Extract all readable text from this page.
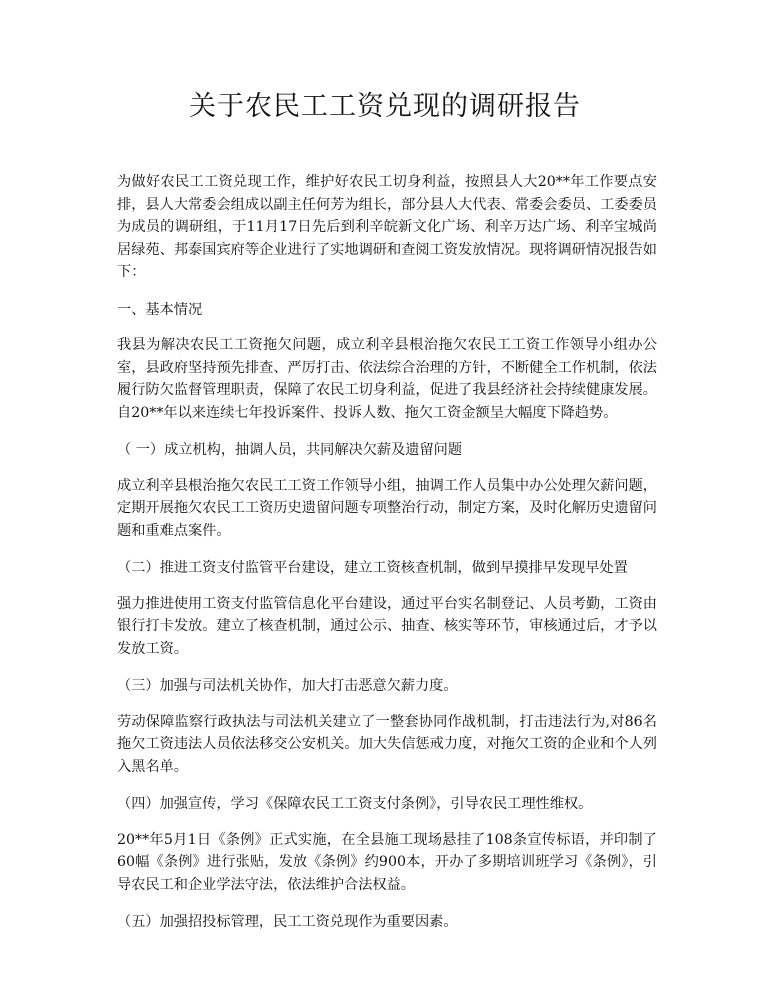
关于农民工工资兑现的调研报告

为做好农民工工资兑现工作，维护好农民工切身利益，按照县人大20**年工作要点安排，县人大常委会组成以副主任何芳为组长，部分县人大代表、常委会委员、工委委员为成员的调研组，于11月17日先后到利辛皖新文化广场、利辛万达广场、利辛宝城尚居绿苑、邦泰国宾府等企业进行了实地调研和查阅工资发放情况。现将调研情况报告如下：

一、基本情况

我县为解决农民工工资拖欠问题，成立利辛县根治拖欠农民工工资工作领导小组办公室，县政府坚持预先排查、严厉打击、依法综合治理的方针，不断健全工作机制，依法履行防欠监督管理职责，保障了农民工切身利益，促进了我县经济社会持续健康发展。自20**年以来连续七年投诉案件、投诉人数、拖欠工资金额呈大幅度下降趋势。

（ 一）成立机构，抽调人员，共同解决欠薪及遗留问题

成立利辛县根治拖欠农民工工资工作领导小组，抽调工作人员集中办公处理欠薪问题，定期开展拖欠农民工工资历史遗留问题专项整治行动，制定方案，及时化解历史遗留问题和重难点案件。

（二）推进工资支付监管平台建设，建立工资核查机制，做到早摸排早发现早处置

强力推进使用工资支付监管信息化平台建设，通过平台实名制登记、人员考勤，工资由银行打卡发放。建立了核查机制，通过公示、抽查、核实等环节，审核通过后，才予以发放工资。

（三）加强与司法机关协作，加大打击恶意欠薪力度。

劳动保障监察行政执法与司法机关建立了一整套协同作战机制，打击违法行为,对86名拖欠工资违法人员依法移交公安机关。加大失信惩戒力度，对拖欠工资的企业和个人列入黑名单。

（四）加强宣传，学习《保障农民工工资支付条例》，引导农民工理性维权。

20**年5月1日《条例》正式实施，在全县施工现场悬挂了108条宣传标语，并印制了60幅《条例》进行张贴，发放《条例》约900本，开办了多期培训班学习《条例》，引导农民工和企业学法守法，依法维护合法权益。

（五）加强招投标管理，民工工资兑现作为重要因素。
